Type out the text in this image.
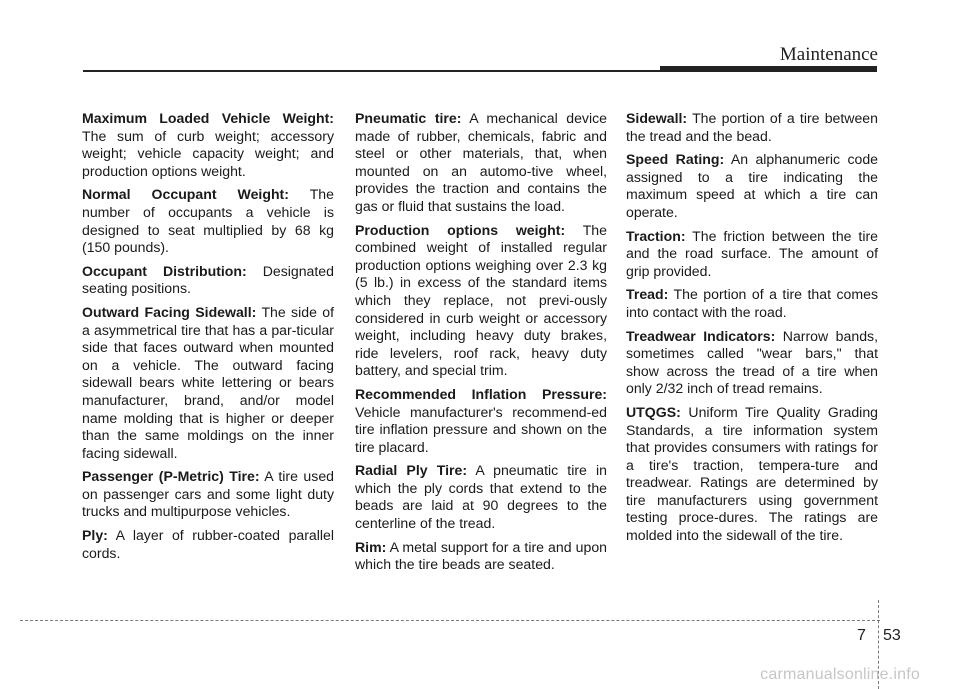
Maintenance

Maximum Loaded Vehicle Weight: The sum of curb weight; accessory weight; vehicle capacity weight; and production options weight.

Normal Occupant Weight: The number of occupants a vehicle is designed to seat multiplied by 68 kg (150 pounds).

Occupant Distribution: Designated seating positions.

Outward Facing Sidewall: The side of a asymmetrical tire that has a par-ticular side that faces outward when mounted on a vehicle. The outward facing sidewall bears white lettering or bears manufacturer, brand, and/or model name molding that is higher or deeper than the same moldings on the inner facing sidewall.

Passenger (P-Metric) Tire: A tire used on passenger cars and some light duty trucks and multipurpose vehicles.

Ply: A layer of rubber-coated parallel cords.

Pneumatic tire: A mechanical device made of rubber, chemicals, fabric and steel or other materials, that, when mounted on an automo-tive wheel, provides the traction and contains the gas or fluid that sustains the load.

Production options weight: The combined weight of installed regular production options weighing over 2.3 kg (5 lb.) in excess of the standard items which they replace, not previ-ously considered in curb weight or accessory weight, including heavy duty brakes, ride levelers, roof rack, heavy duty battery, and special trim.

Recommended Inflation Pressure: Vehicle manufacturer's recommend-ed tire inflation pressure and shown on the tire placard.

Radial Ply Tire: A pneumatic tire in which the ply cords that extend to the beads are laid at 90 degrees to the centerline of the tread.

Rim: A metal support for a tire and upon which the tire beads are seated.

Sidewall: The portion of a tire between the tread and the bead.

Speed Rating: An alphanumeric code assigned to a tire indicating the maximum speed at which a tire can operate.

Traction: The friction between the tire and the road surface. The amount of grip provided.

Tread: The portion of a tire that comes into contact with the road.

Treadwear Indicators: Narrow bands, sometimes called "wear bars," that show across the tread of a tire when only 2/32 inch of tread remains.

UTQGS: Uniform Tire Quality Grading Standards, a tire information system that provides consumers with ratings for a tire's traction, tempera-ture and treadwear. Ratings are determined by tire manufacturers using government testing proce-dures. The ratings are molded into the sidewall of the tire.

7 53
carmanualsonline.info
